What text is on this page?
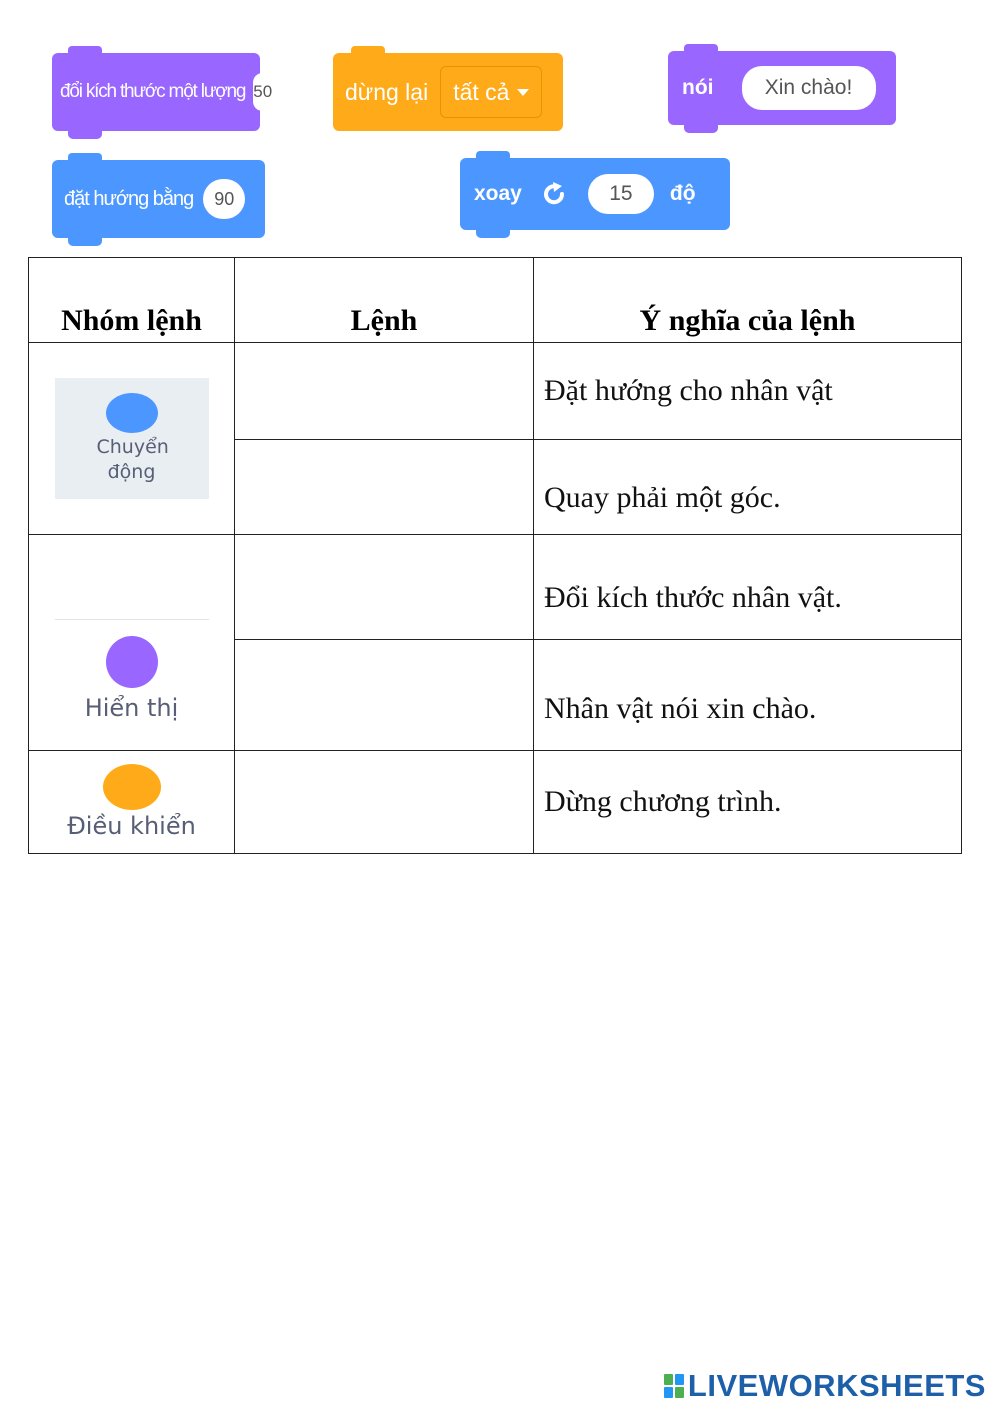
đổi kích thước một lượng 50	dừng lại tất cả	nói	Xin chào!
đặt hướng bằng	90	xoay	15	độ
Nhóm lệnh	Lệnh	Ý nghĩa của lệnh

Chuyển động		Đặt hướng cho nhân vật
		Quay phải một góc.

Hiển thị		Đổi kích thước nhân vật.
		Nhân vật nói xin chào.

Điều khiển		Dừng chương trình.
LIVEWORKSHEETS
